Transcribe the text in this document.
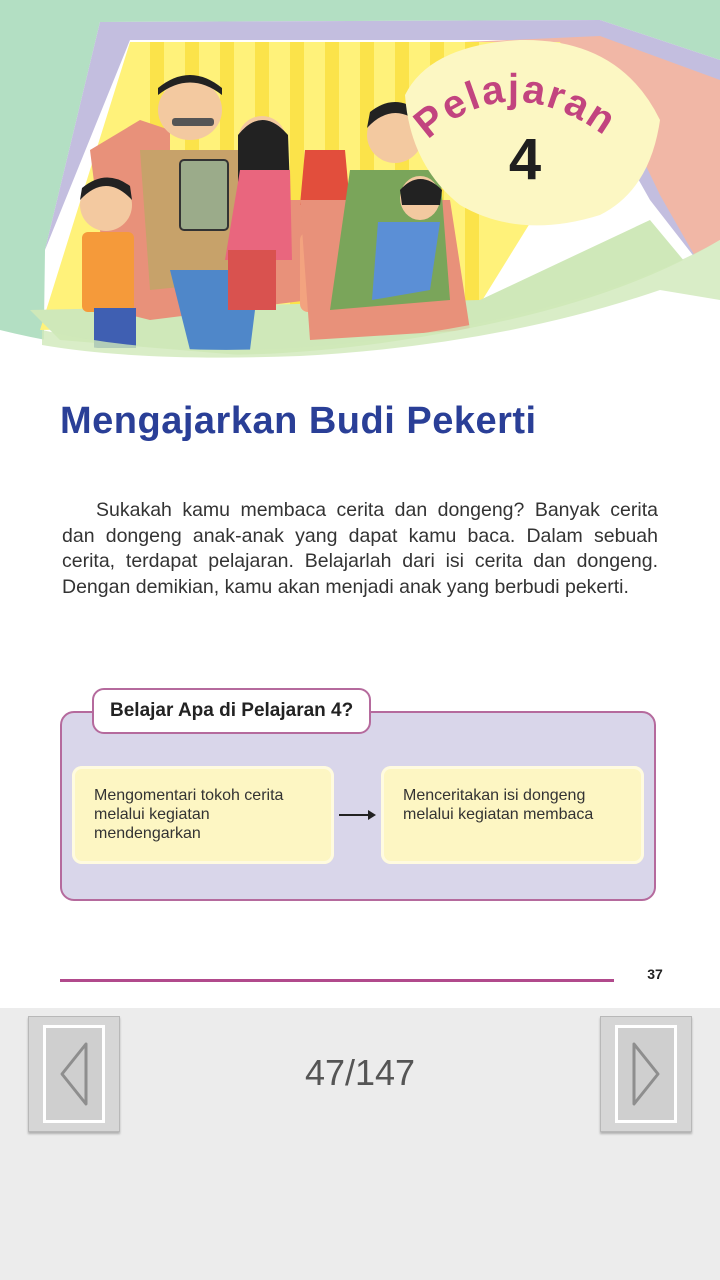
Pelajaran
4
Mengajarkan Budi Pekerti

Sukakah kamu membaca cerita dan dongeng? Banyak cerita dan dongeng anak-anak yang dapat kamu baca. Dalam sebuah cerita, terdapat pelajaran. Belajarlah dari isi cerita dan dongeng. Dengan demikian, kamu akan menjadi anak yang berbudi pekerti.

Belajar Apa di Pelajaran 4?
Mengomentari tokoh cerita melalui kegiatan mendengarkan
Menceritakan isi dongeng melalui kegiatan membaca
37
47/147
